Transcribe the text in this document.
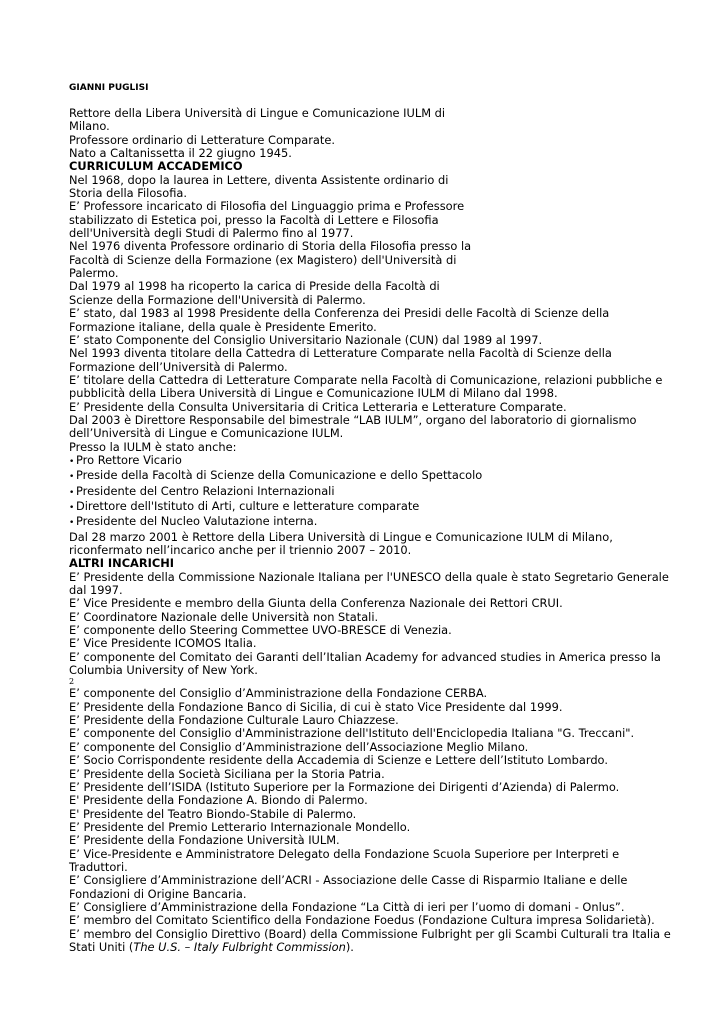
GIANNI PUGLISI
Rettore della Libera Università di Lingue e Comunicazione IULM di
Milano.
Professore ordinario di Letterature Comparate.
Nato a Caltanissetta il 22 giugno 1945.
CURRICULUM ACCADEMICO
Nel 1968, dopo la laurea in Lettere, diventa Assistente ordinario di
Storia della Filosofia.
E’ Professore incaricato di Filosofia del Linguaggio prima e Professore
stabilizzato di Estetica poi, presso la Facoltà di Lettere e Filosofia
dell'Università degli Studi di Palermo fino al 1977.
Nel 1976 diventa Professore ordinario di Storia della Filosofia presso la
Facoltà di Scienze della Formazione (ex Magistero) dell'Università di
Palermo.
Dal 1979 al 1998 ha ricoperto la carica di Preside della Facoltà di
Scienze della Formazione dell'Università di Palermo.
E’ stato, dal 1983 al 1998 Presidente della Conferenza dei Presidi delle Facoltà di Scienze della
Formazione italiane, della quale è Presidente Emerito.
E’ stato Componente del Consiglio Universitario Nazionale (CUN) dal 1989 al 1997.
Nel 1993 diventa titolare della Cattedra di Letterature Comparate nella Facoltà di Scienze della
Formazione dell’Università di Palermo.
E’ titolare della Cattedra di Letterature Comparate nella Facoltà di Comunicazione, relazioni pubbliche e
pubblicità della Libera Università di Lingue e Comunicazione IULM di Milano dal 1998.
E’ Presidente della Consulta Universitaria di Critica Letteraria e Letterature Comparate.
Dal 2003 è Direttore Responsabile del bimestrale “LAB IULM”, organo del laboratorio di giornalismo
dell’Università di Lingue e Comunicazione IULM.
Presso la IULM è stato anche:
• Pro Rettore Vicario
• Preside della Facoltà di Scienze della Comunicazione e dello Spettacolo
• Presidente del Centro Relazioni Internazionali
• Direttore dell'Istituto di Arti, culture e letterature comparate
• Presidente del Nucleo Valutazione interna.
Dal 28 marzo 2001 è Rettore della Libera Università di Lingue e Comunicazione IULM di Milano,
riconfermato nell’incarico anche per il triennio 2007 – 2010.
ALTRI INCARICHI
E’ Presidente della Commissione Nazionale Italiana per l'UNESCO della quale è stato Segretario Generale
dal 1997.
E’ Vice Presidente e membro della Giunta della Conferenza Nazionale dei Rettori CRUI.
E’ Coordinatore Nazionale delle Università non Statali.
E’ componente dello Steering Commettee UVO-BRESCE di Venezia.
E’ Vice Presidente ICOMOS Italia.
E’ componente del Comitato dei Garanti dell’Italian Academy for advanced studies in America presso la
Columbia University of New York.
2
E’ componente del Consiglio d’Amministrazione della Fondazione CERBA.
E’ Presidente della Fondazione Banco di Sicilia, di cui è stato Vice Presidente dal 1999.
E’ Presidente della Fondazione Culturale Lauro Chiazzese.
E’ componente del Consiglio d'Amministrazione dell'Istituto dell'Enciclopedia Italiana "G. Treccani".
E’ componente del Consiglio d’Amministrazione dell’Associazione Meglio Milano.
E’ Socio Corrispondente residente della Accademia di Scienze e Lettere dell’Istituto Lombardo.
E’ Presidente della Società Siciliana per la Storia Patria.
E’ Presidente dell’ISIDA (Istituto Superiore per la Formazione dei Dirigenti d’Azienda) di Palermo.
E' Presidente della Fondazione A. Biondo di Palermo.
E' Presidente del Teatro Biondo-Stabile di Palermo.
E’ Presidente del Premio Letterario Internazionale Mondello.
E’ Presidente della Fondazione Università IULM.
E’ Vice-Presidente e Amministratore Delegato della Fondazione Scuola Superiore per Interpreti e
Traduttori.
E’ Consigliere d’Amministrazione dell’ACRI - Associazione delle Casse di Risparmio Italiane e delle
Fondazioni di Origine Bancaria.
E’ Consigliere d’Amministrazione della Fondazione “La Città di ieri per l’uomo di domani - Onlus”.
E’ membro del Comitato Scientifico della Fondazione Foedus (Fondazione Cultura impresa Solidarietà).
E’ membro del Consiglio Direttivo (Board) della Commissione Fulbright per gli Scambi Culturali tra Italia e
Stati Uniti (The U.S. – Italy Fulbright Commission).
